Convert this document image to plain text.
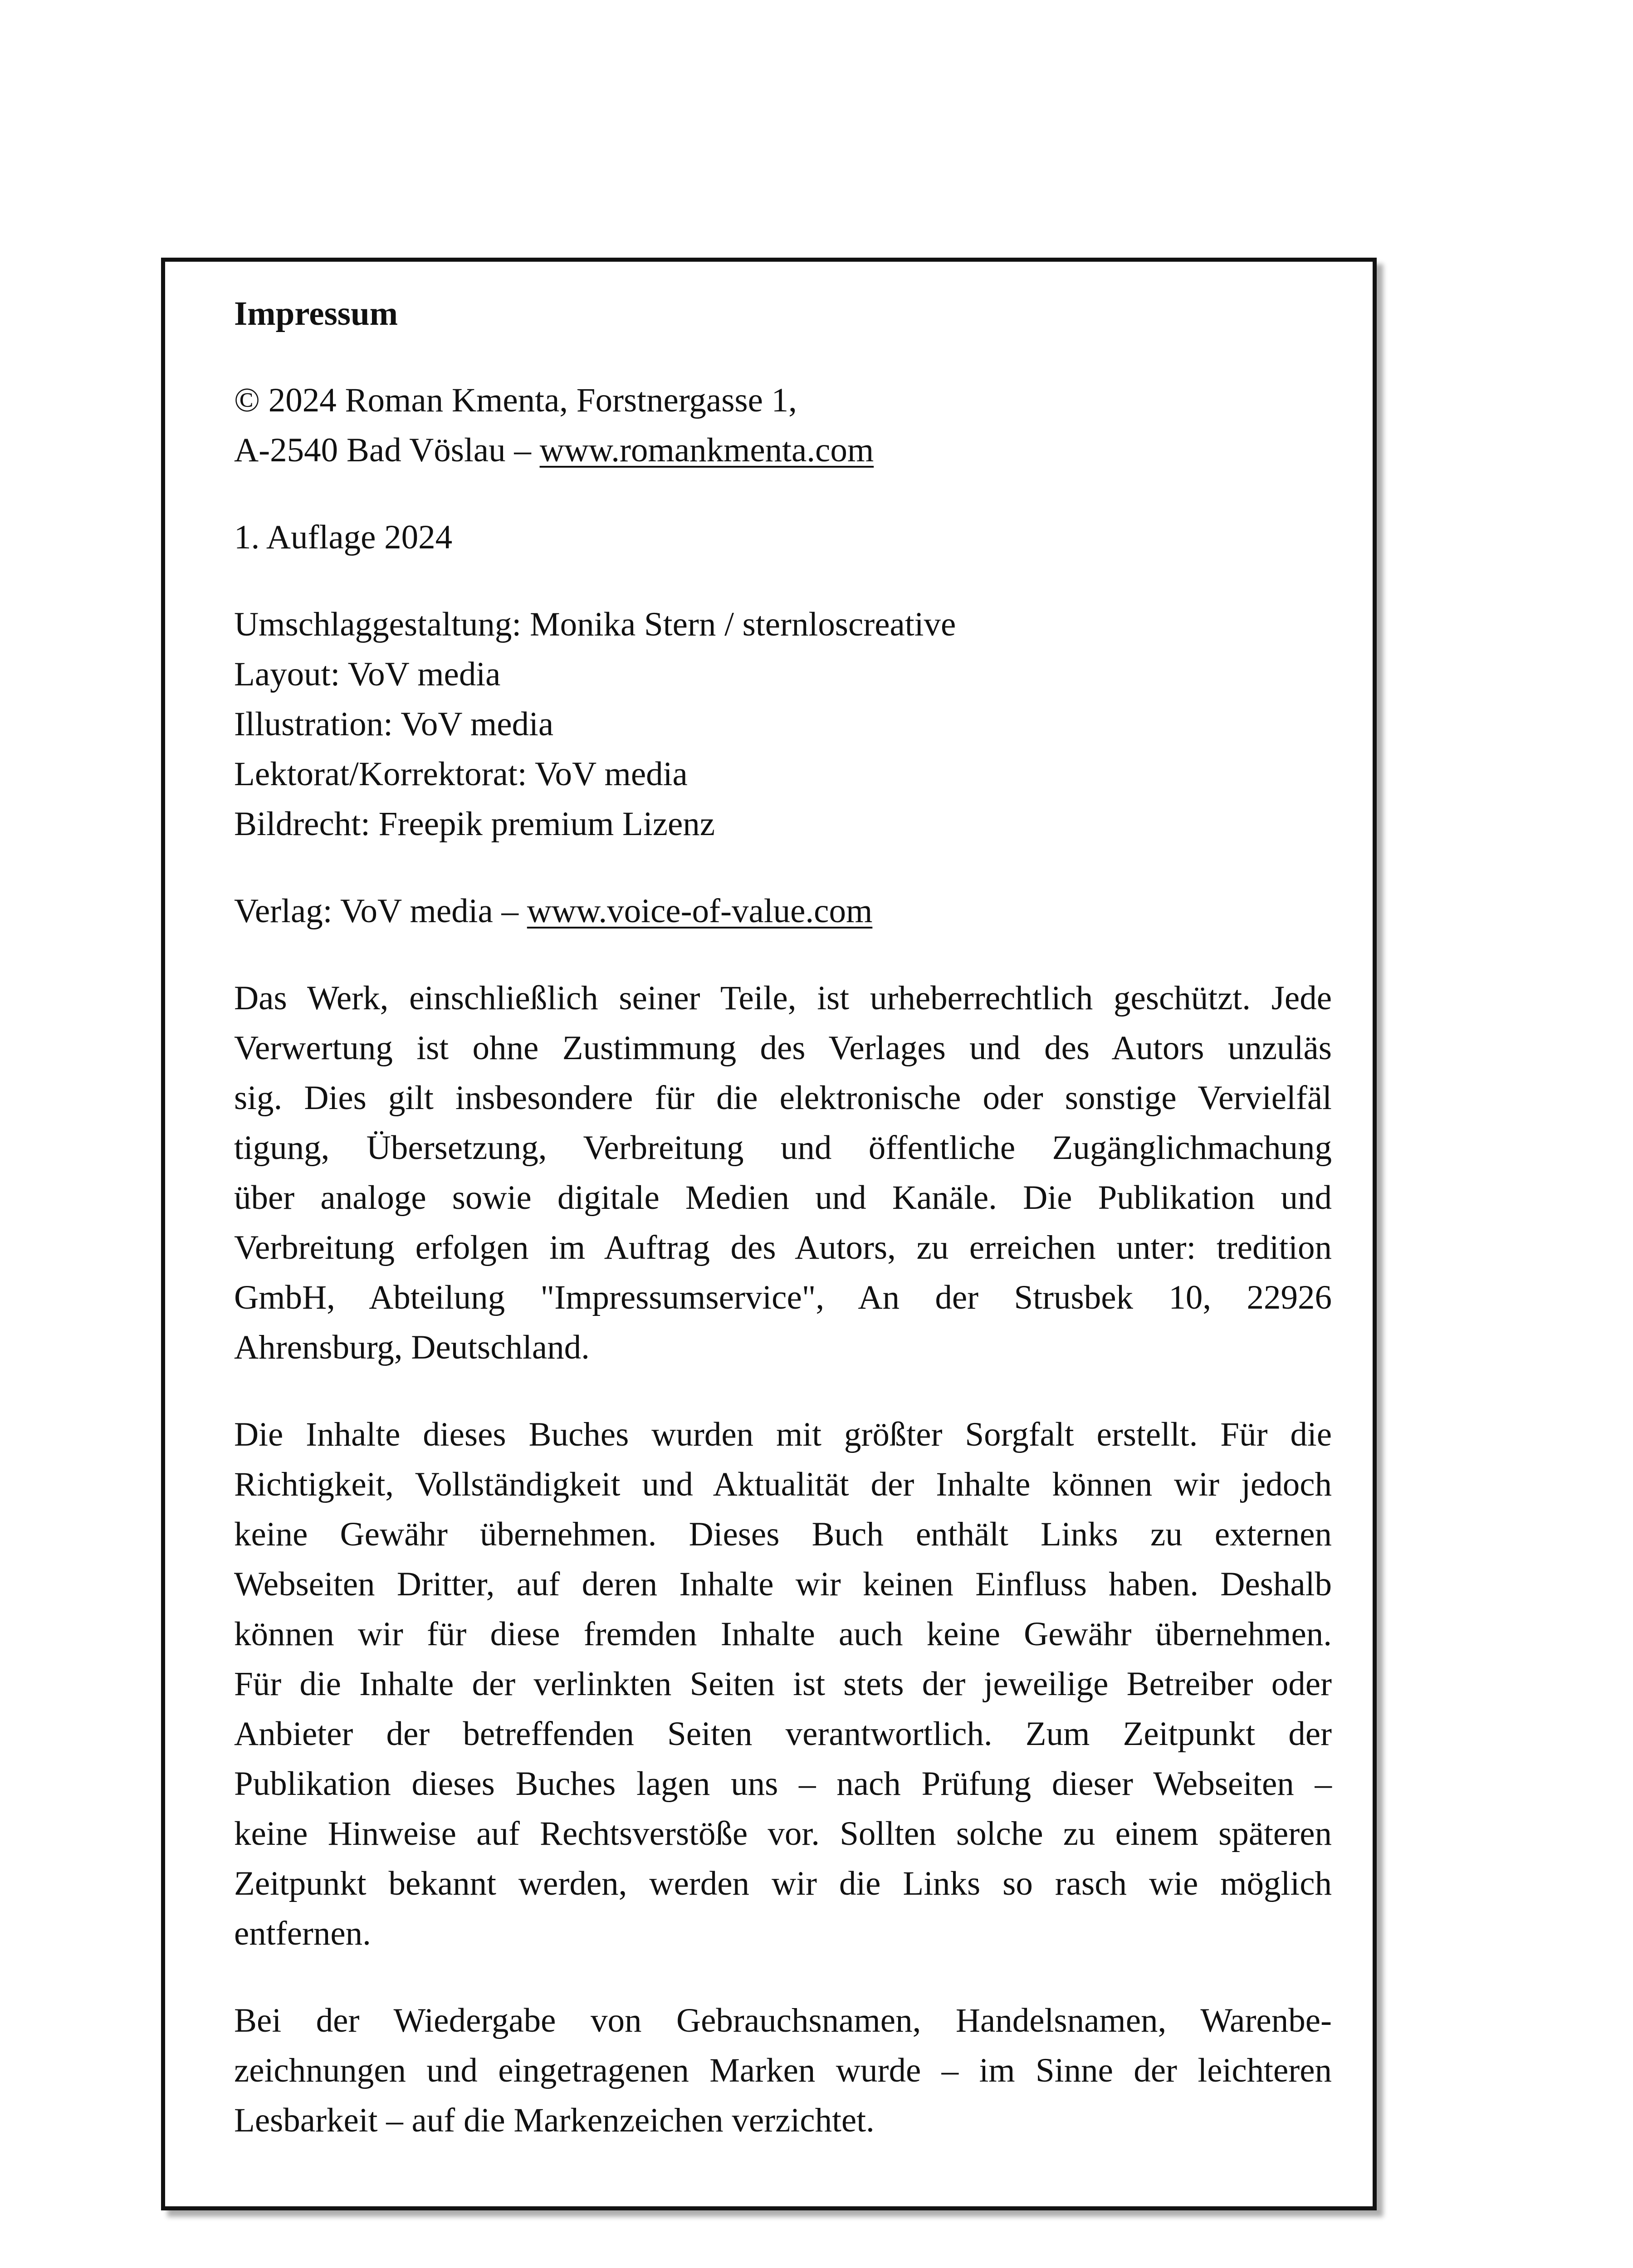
Impressum
© 2024 Roman Kmenta, Forstnergasse 1,
A-2540 Bad Vöslau – www.romankmenta.com
1. Auflage 2024
Umschlaggestaltung: Monika Stern / sternloscreative
Layout: VoV media
Illustration: VoV media
Lektorat/Korrektorat: VoV media
Bildrecht: Freepik premium Lizenz
Verlag: VoV media – www.voice-of-value.com
Das Werk, einschließlich seiner Teile, ist urheberrechtlich geschützt. Jede
Verwertung ist ohne Zustimmung des Verlages und des Autors unzuläs
sig. Dies gilt insbesondere für die elektronische oder sonstige Vervielfäl
tigung, Übersetzung, Verbreitung und öffentliche Zugänglichmachung
über analoge sowie digitale Medien und Kanäle. Die Publikation und
Verbreitung erfolgen im Auftrag des Autors, zu erreichen unter: tredition
GmbH, Abteilung "Impressumservice", An der Strusbek 10, 22926
Ahrensburg, Deutschland.
Die Inhalte dieses Buches wurden mit größter Sorgfalt erstellt. Für die
Richtigkeit, Vollständigkeit und Aktualität der Inhalte können wir jedoch
keine Gewähr übernehmen. Dieses Buch enthält Links zu externen
Webseiten Dritter, auf deren Inhalte wir keinen Einfluss haben. Deshalb
können wir für diese fremden Inhalte auch keine Gewähr übernehmen.
Für die Inhalte der verlinkten Seiten ist stets der jeweilige Betreiber oder
Anbieter der betreffenden Seiten verantwortlich. Zum Zeitpunkt der
Publikation dieses Buches lagen uns – nach Prüfung dieser Webseiten –
keine Hinweise auf Rechtsverstöße vor. Sollten solche zu einem späteren
Zeitpunkt bekannt werden, werden wir die Links so rasch wie möglich
entfernen.
Bei der Wiedergabe von Gebrauchsnamen, Handelsnamen, Warenbe-
zeichnungen und eingetragenen Marken wurde – im Sinne der leichteren
Lesbarkeit – auf die Markenzeichen verzichtet.
